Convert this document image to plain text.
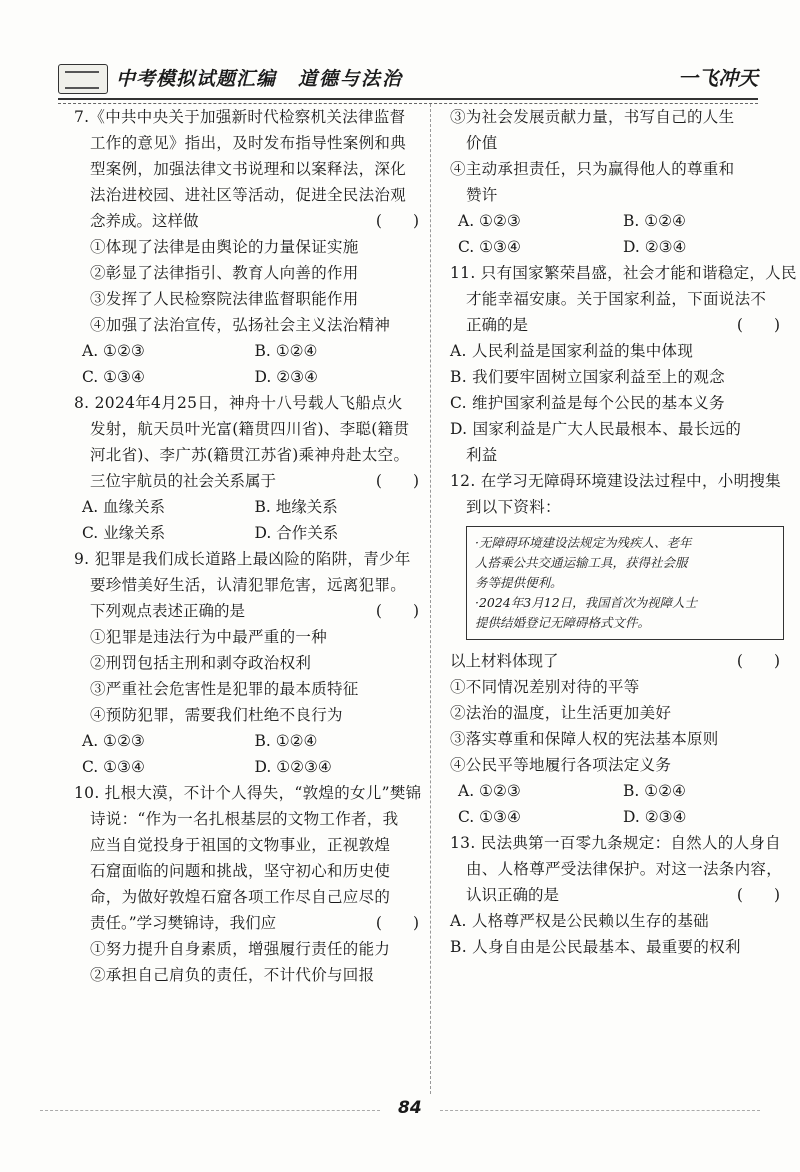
中考模拟试题汇编 道德与法治	一飞冲天
7.《中共中央关于加强新时代检察机关法律监督
工作的意见》指出，及时发布指导性案例和典
型案例，加强法律文书说理和以案释法，深化
法治进校园、进社区等活动，促进全民法治观
念养成。这样做	(　　)
①体现了法律是由舆论的力量保证实施
②彰显了法律指引、教育人向善的作用
③发挥了人民检察院法律监督职能作用
④加强了法治宣传，弘扬社会主义法治精神
A. ①②③	B. ①②④
C. ①③④	D. ②③④
8. 2024年4月25日，神舟十八号载人飞船点火
发射，航天员叶光富(籍贯四川省)、李聪(籍贯
河北省)、李广苏(籍贯江苏省)乘神舟赴太空。
三位宇航员的社会关系属于	(　　)
A. 血缘关系	B. 地缘关系
C. 业缘关系	D. 合作关系
9. 犯罪是我们成长道路上最凶险的陷阱，青少年
要珍惜美好生活，认清犯罪危害，远离犯罪。
下列观点表述正确的是	(　　)
①犯罪是违法行为中最严重的一种
②刑罚包括主刑和剥夺政治权利
③严重社会危害性是犯罪的最本质特征
④预防犯罪，需要我们杜绝不良行为
A. ①②③	B. ①②④
C. ①③④	D. ①②③④
10. 扎根大漠，不计个人得失，“敦煌的女儿”樊锦
诗说：“作为一名扎根基层的文物工作者，我
应当自觉投身于祖国的文物事业，正视敦煌
石窟面临的问题和挑战，坚守初心和历史使
命，为做好敦煌石窟各项工作尽自己应尽的
责任。”学习樊锦诗，我们应	(　　)
①努力提升自身素质，增强履行责任的能力
②承担自己肩负的责任，不计代价与回报
③为社会发展贡献力量，书写自己的人生
价值
④主动承担责任，只为赢得他人的尊重和
赞许
A. ①②③	B. ①②④
C. ①③④	D. ②③④
11. 只有国家繁荣昌盛，社会才能和谐稳定，人民
才能幸福安康。关于国家利益，下面说法不
正确的是	(　　)
A. 人民利益是国家利益的集中体现
B. 我们要牢固树立国家利益至上的观念
C. 维护国家利益是每个公民的基本义务
D. 国家利益是广大人民最根本、最长远的
利益
12. 在学习无障碍环境建设法过程中，小明搜集
到以下资料：
·无障碍环境建设法规定为残疾人、老年
人搭乘公共交通运输工具，获得社会服
务等提供便利。
·2024年3月12日，我国首次为视障人士
提供结婚登记无障碍格式文件。
以上材料体现了	(　　)
①不同情况差别对待的平等
②法治的温度，让生活更加美好
③落实尊重和保障人权的宪法基本原则
④公民平等地履行各项法定义务
A. ①②③	B. ①②④
C. ①③④	D. ②③④
13. 民法典第一百零九条规定：自然人的人身自
由、人格尊严受法律保护。对这一法条内容，
认识正确的是	(　　)
A. 人格尊严权是公民赖以生存的基础
B. 人身自由是公民最基本、最重要的权利
84
